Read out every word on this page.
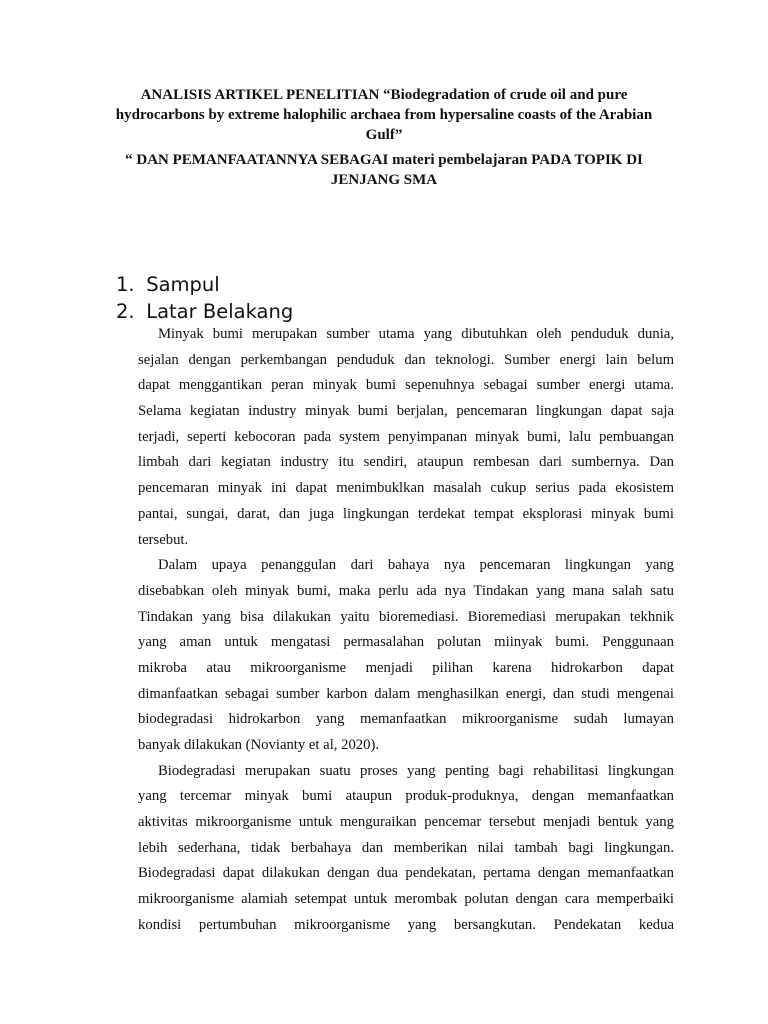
ANALISIS ARTIKEL PENELITIAN “Biodegradation of crude oil and pure hydrocarbons by extreme halophilic archaea from hypersaline coasts of the Arabian Gulf”
“ DAN PEMANFAATANNYA SEBAGAI materi pembelajaran PADA TOPIK DI JENJANG SMA
1. Sampul
2. Latar Belakang
Minyak bumi merupakan sumber utama yang dibutuhkan oleh penduduk dunia,
sejalan dengan perkembangan penduduk dan teknologi. Sumber energi lain belum
dapat menggantikan peran minyak bumi sepenuhnya sebagai sumber energi utama.
Selama kegiatan industry minyak bumi berjalan, pencemaran lingkungan dapat saja
terjadi, seperti kebocoran pada system penyimpanan minyak bumi, lalu pembuangan
limbah dari kegiatan industry itu sendiri, ataupun rembesan dari sumbernya. Dan
pencemaran minyak ini dapat menimbuklkan masalah cukup serius pada ekosistem
pantai, sungai, darat, dan juga lingkungan terdekat tempat eksplorasi minyak bumi
tersebut.
Dalam upaya penanggulan dari bahaya nya pencemaran lingkungan yang
disebabkan oleh minyak bumi, maka perlu ada nya Tindakan yang mana salah satu
Tindakan yang bisa dilakukan yaitu bioremediasi. Bioremediasi merupakan tekhnik
yang aman untuk mengatasi permasalahan polutan miinyak bumi. Penggunaan
mikroba atau mikroorganisme menjadi pilihan karena hidrokarbon dapat
dimanfaatkan sebagai sumber karbon dalam menghasilkan energi, dan studi mengenai
biodegradasi hidrokarbon yang memanfaatkan mikroorganisme sudah lumayan
banyak dilakukan (Novianty et al, 2020).
Biodegradasi merupakan suatu proses yang penting bagi rehabilitasi lingkungan
yang tercemar minyak bumi ataupun produk-produknya, dengan memanfaatkan
aktivitas mikroorganisme untuk menguraikan pencemar tersebut menjadi bentuk yang
lebih sederhana, tidak berbahaya dan memberikan nilai tambah bagi lingkungan.
Biodegradasi dapat dilakukan dengan dua pendekatan, pertama dengan memanfaatkan
mikroorganisme alamiah setempat untuk merombak polutan dengan cara memperbaiki
kondisi pertumbuhan mikroorganisme yang bersangkutan. Pendekatan kedua
